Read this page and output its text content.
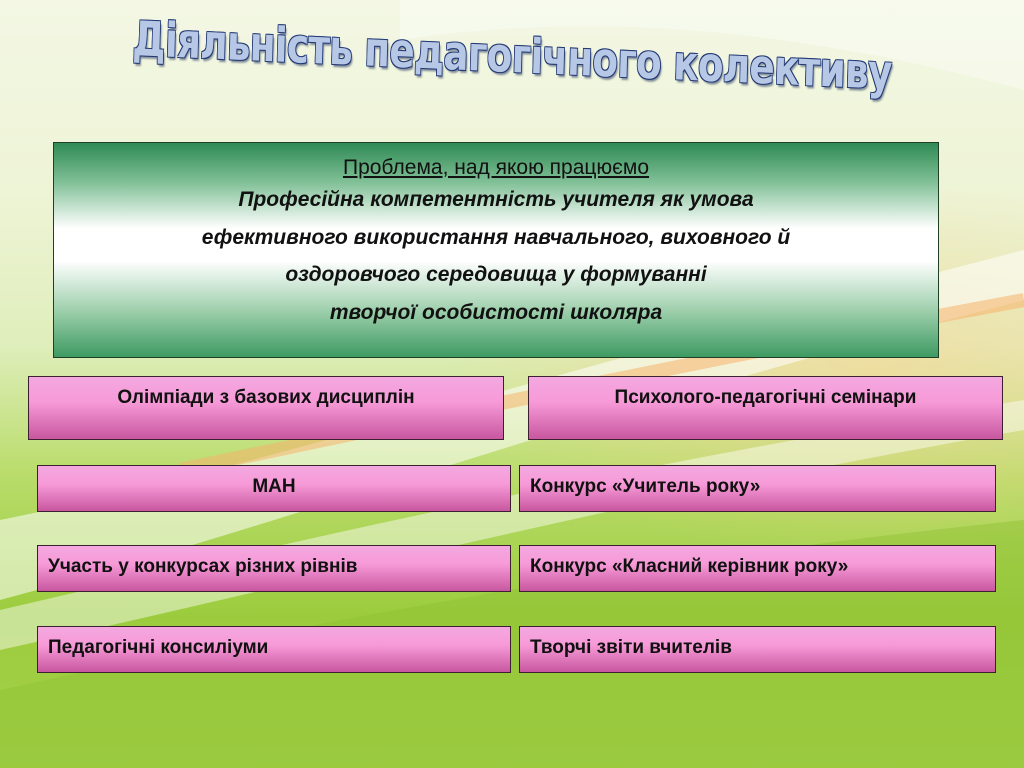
Діяльність педагогічного колективу
Проблема, над якою працюємо
Професійна компетентність учителя як умова
ефективного використання навчального, виховного й
оздоровчого середовища у формуванні
творчої особистості школяра
Олімпіади з базових дисциплін	Психолого-педагогічні семінари
МАН	Конкурс «Учитель року»
Участь у конкурсах різних рівнів	Конкурс «Класний керівник року»
Педагогічні консиліуми	Творчі звіти вчителів
